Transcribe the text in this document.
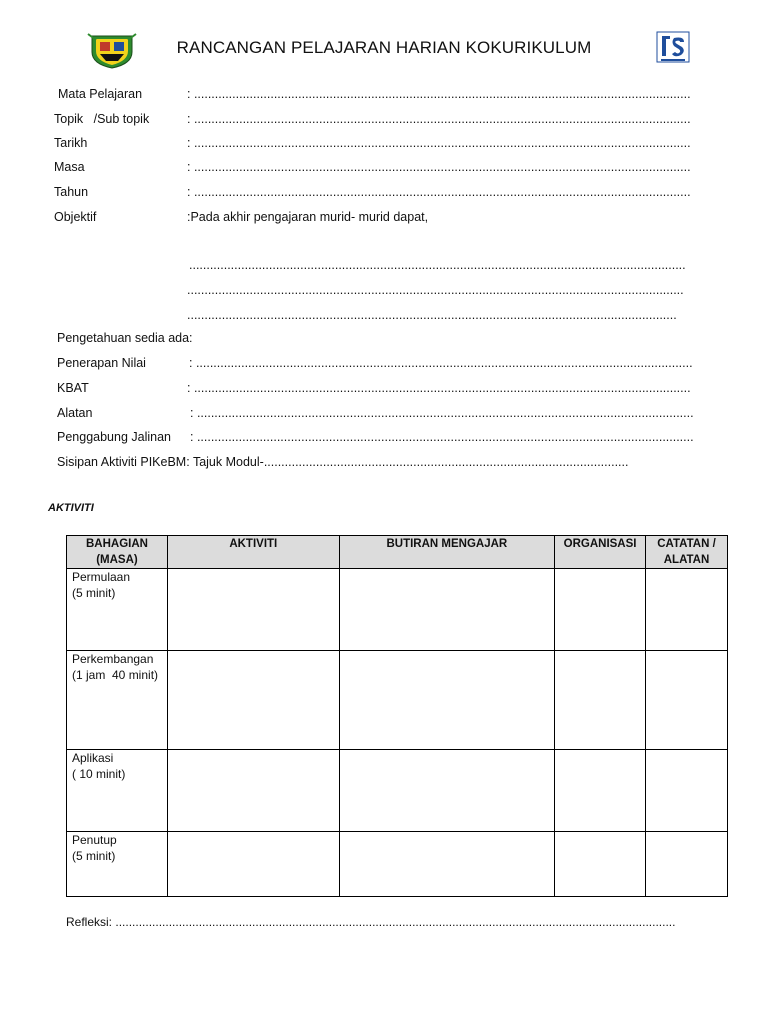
RANCANGAN PELAJARAN HARIAN KOKURIKULUM
Mata Pelajaran	: ...............................................................................................................................................
Topik   /Sub topik	: ...............................................................................................................................................
Tarikh	: ...............................................................................................................................................
Masa	: ...............................................................................................................................................
Tahun	: ...............................................................................................................................................
Objektif	:Pada akhir pengajaran murid- murid dapat,
...............................................................................................................................................
...............................................................................................................................................
.............................................................................................................................................
Pengetahuan sedia ada:
Penerapan Nilai	: ...............................................................................................................................................
KBAT	: ...............................................................................................................................................
Alatan	: ...............................................................................................................................................
Penggabung Jalinan : ...............................................................................................................................................
Sisipan Aktiviti PIKeBM: Tajuk Modul-.........................................................................................................
AKTIVITI
BAHAGIAN (MASA)	AKTIVITI	BUTIRAN MENGAJAR	ORGANISASI	CATATAN / ALATAN

Permulaan
(5 minit)				

Perkembangan
(1 jam  40 minit)				

Aplikasi
( 10 minit)				

Penutup
(5 minit)				

Refleksi: ........................................................................................................................................................................
